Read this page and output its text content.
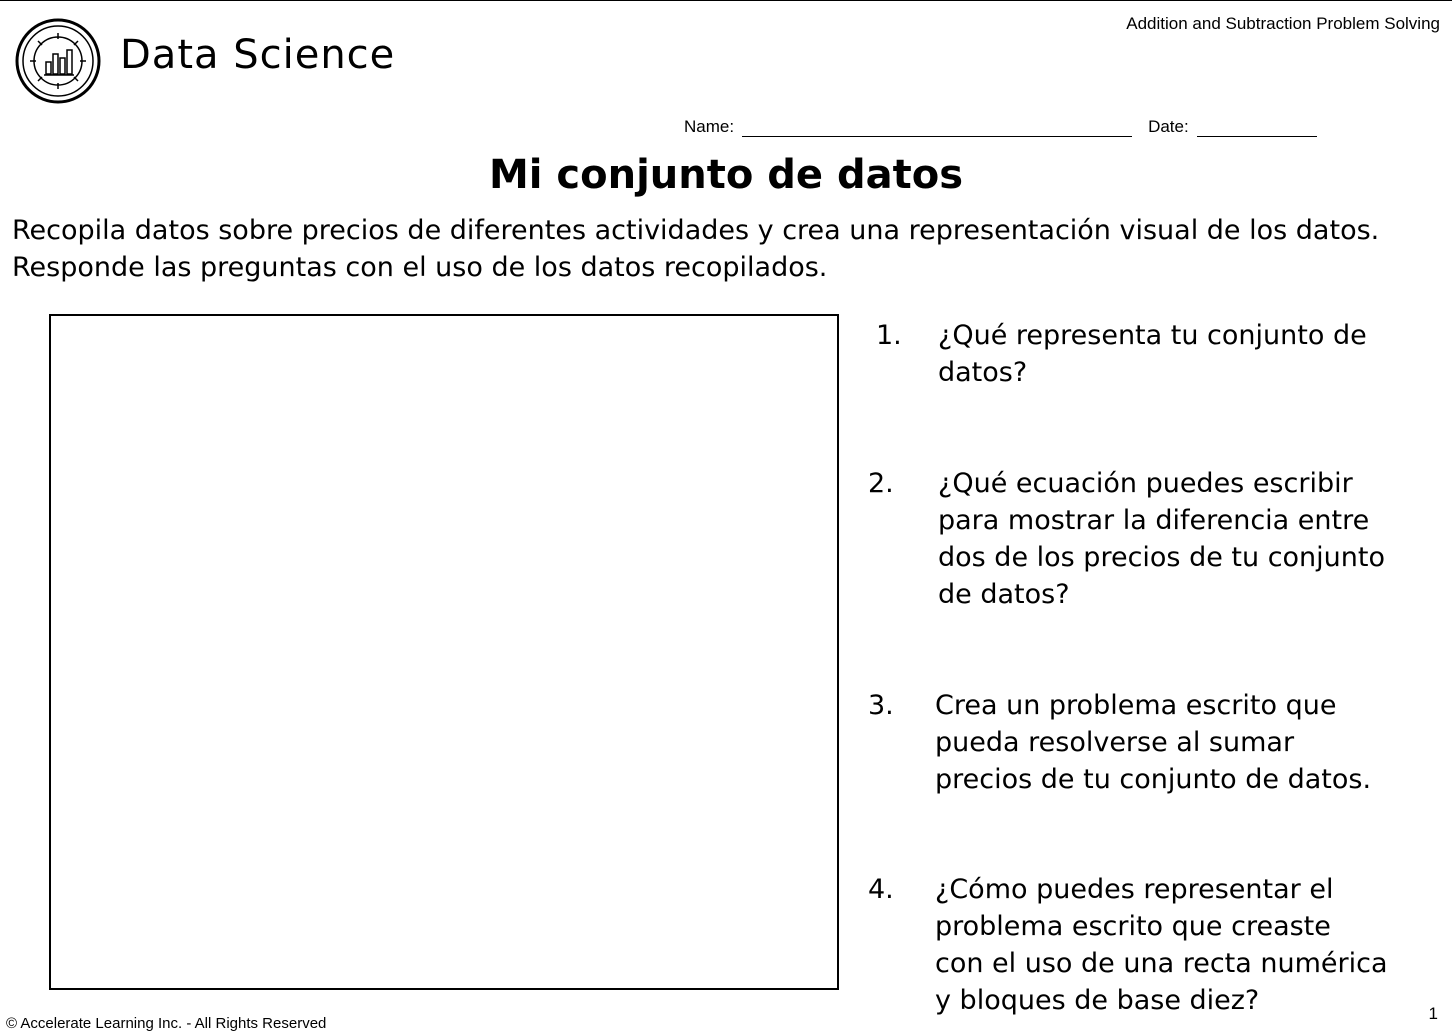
Data Science
Addition and Subtraction Problem Solving
Name:	Date:
Mi conjunto de datos
Recopila datos sobre precios de diferentes actividades y crea una representación visual de los datos. Responde las preguntas con el uso de los datos recopilados.
1. ¿Qué representa tu conjunto de
datos?
2. ¿Qué ecuación puedes escribir
para mostrar la diferencia entre
dos de los precios de tu conjunto
de datos?
3. Crea un problema escrito que
pueda resolverse al sumar
precios de tu conjunto de datos.
4. ¿Cómo puedes representar el
problema escrito que creaste
con el uso de una recta numérica
y bloques de base diez?
© Accelerate Learning Inc. - All Rights Reserved
1
